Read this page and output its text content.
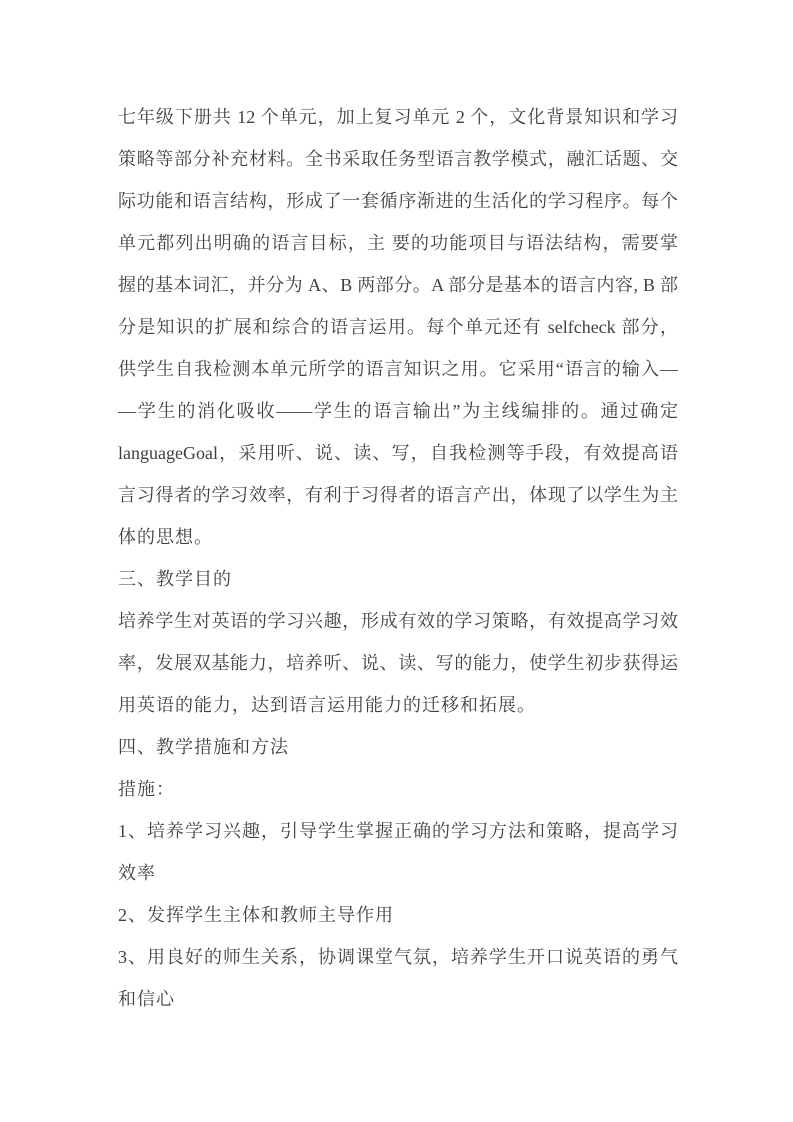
七年级下册共 12 个单元，加上复习单元 2 个，文化背景知识和学习
策略等部分补充材料。全书采取任务型语言教学模式，融汇话题、交
际功能和语言结构，形成了一套循序渐进的生活化的学习程序。每个
单元都列出明确的语言目标，主 要的功能项目与语法结构，需要掌
握的基本词汇，并分为 A、B 两部分。A 部分是基本的语言内容, B 部
分是知识的扩展和综合的语言运用。每个单元还有 selfcheck 部分，
供学生自我检测本单元所学的语言知识之用。它采用“语言的输入—
—学生的消化吸收——学生的语言输出”为主线编排的。通过确定
languageGoal，采用听、说、读、写，自我检测等手段，有效提高语
言习得者的学习效率，有利于习得者的语言产出，体现了以学生为主
体的思想。
三、教学目的
培养学生对英语的学习兴趣，形成有效的学习策略，有效提高学习效
率，发展双基能力，培养听、说、读、写的能力，使学生初步获得运
用英语的能力，达到语言运用能力的迁移和拓展。
四、教学措施和方法
措施：
1、培养学习兴趣，引导学生掌握正确的学习方法和策略，提高学习
效率
2、发挥学生主体和教师主导作用
3、用良好的师生关系，协调课堂气氛，培养学生开口说英语的勇气
和信心
